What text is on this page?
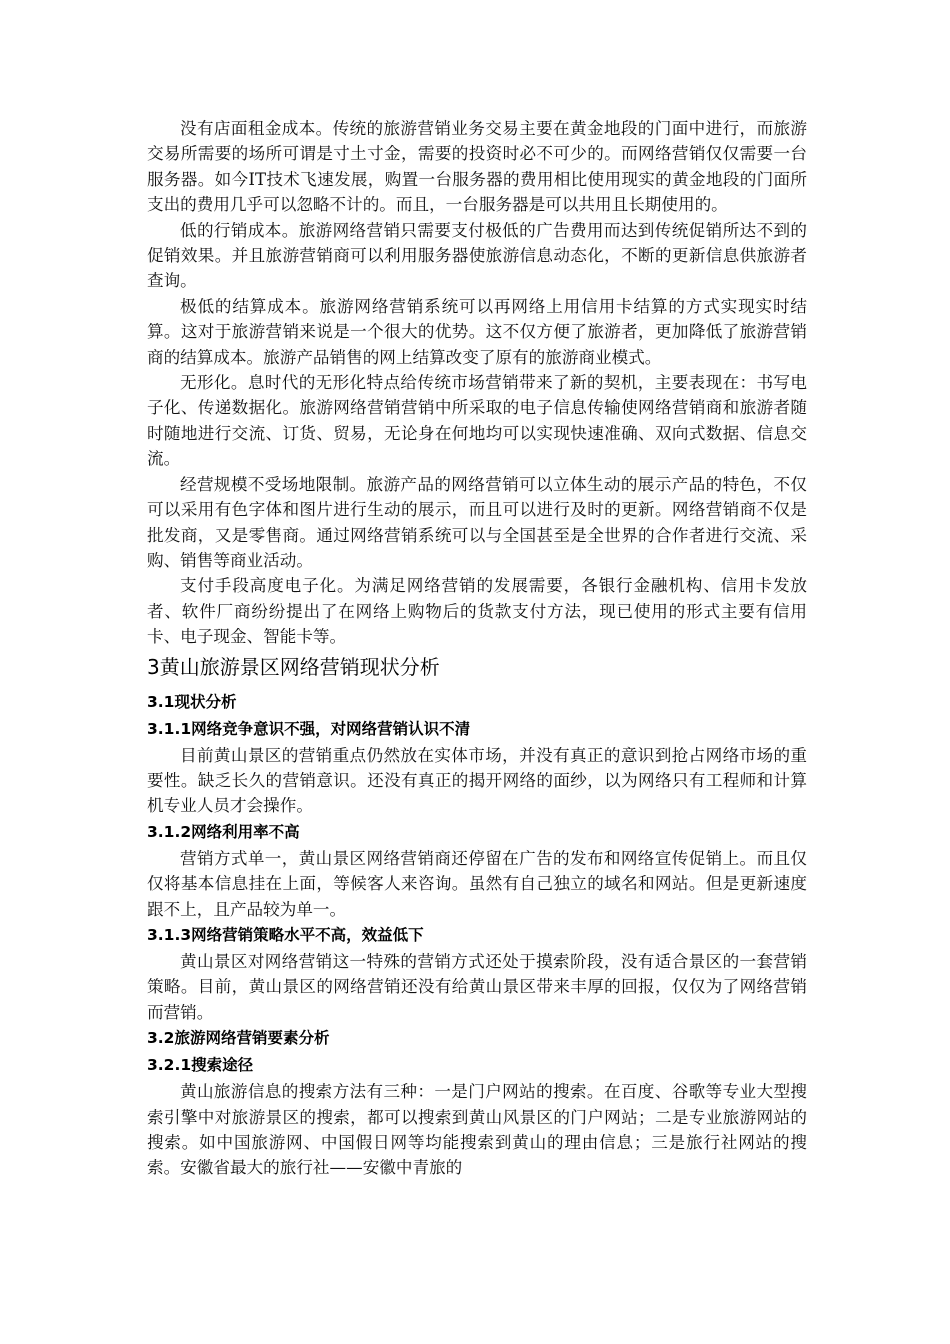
没有店面租金成本。传统的旅游营销业务交易主要在黄金地段的门面中进行，而旅游交易所需要的场所可谓是寸土寸金，需要的投资时必不可少的。而网络营销仅仅需要一台服务器。如今IT技术飞速发展，购置一台服务器的费用相比使用现实的黄金地段的门面所支出的费用几乎可以忽略不计的。而且，一台服务器是可以共用且长期使用的。

低的行销成本。旅游网络营销只需要支付极低的广告费用而达到传统促销所达不到的促销效果。并且旅游营销商可以利用服务器使旅游信息动态化，不断的更新信息供旅游者查询。

极低的结算成本。旅游网络营销系统可以再网络上用信用卡结算的方式实现实时结算。这对于旅游营销来说是一个很大的优势。这不仅方便了旅游者，更加降低了旅游营销商的结算成本。旅游产品销售的网上结算改变了原有的旅游商业模式。

无形化。息时代的无形化特点给传统市场营销带来了新的契机，主要表现在：书写电子化、传递数据化。旅游网络营销营销中所采取的电子信息传输使网络营销商和旅游者随时随地进行交流、订货、贸易，无论身在何地均可以实现快速准确、双向式数据、信息交流。

经营规模不受场地限制。旅游产品的网络营销可以立体生动的展示产品的特色，不仅可以采用有色字体和图片进行生动的展示，而且可以进行及时的更新。网络营销商不仅是批发商，又是零售商。通过网络营销系统可以与全国甚至是全世界的合作者进行交流、采购、销售等商业活动。

支付手段高度电子化。为满足网络营销的发展需要，各银行金融机构、信用卡发放者、软件厂商纷纷提出了在网络上购物后的货款支付方法，现已使用的形式主要有信用卡、电子现金、智能卡等。

3黄山旅游景区网络营销现状分析
3.1现状分析
3.1.1网络竞争意识不强，对网络营销认识不清

目前黄山景区的营销重点仍然放在实体市场，并没有真正的意识到抢占网络市场的重要性。缺乏长久的营销意识。还没有真正的揭开网络的面纱，以为网络只有工程师和计算机专业人员才会操作。

3.1.2网络利用率不高

营销方式单一，黄山景区网络营销商还停留在广告的发布和网络宣传促销上。而且仅仅将基本信息挂在上面，等候客人来咨询。虽然有自己独立的域名和网站。但是更新速度跟不上，且产品较为单一。

3.1.3网络营销策略水平不高，效益低下

黄山景区对网络营销这一特殊的营销方式还处于摸索阶段，没有适合景区的一套营销策略。目前，黄山景区的网络营销还没有给黄山景区带来丰厚的回报，仅仅为了网络营销而营销。

3.2旅游网络营销要素分析
3.2.1搜索途径

黄山旅游信息的搜索方法有三种：一是门户网站的搜索。在百度、谷歌等专业大型搜索引擎中对旅游景区的搜索，都可以搜索到黄山风景区的门户网站；二是专业旅游网站的搜索。如中国旅游网、中国假日网等均能搜索到黄山的理由信息；三是旅行社网站的搜索。安徽省最大的旅行社——安徽中青旅的
